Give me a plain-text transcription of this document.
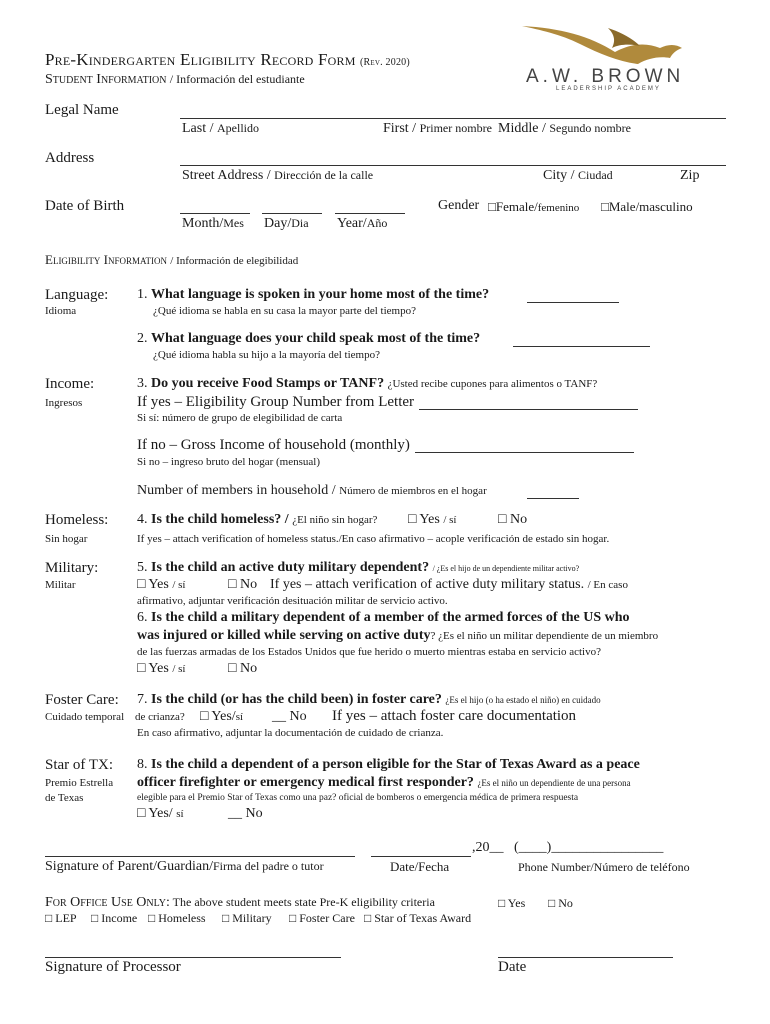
Pre-Kindergarten Eligibility Record Form (Rev. 2020)
Student Information / Información del estudiante	A.W. BROWN
LEADERSHIP ACADEMY
Legal Name
Last / Apellido	First / Primer nombre Middle / Segundo nombre
Address
Street Address / Dirección de la calle	City / Ciudad	Zip
Date of Birth
Month/Mes Day/Dia Year/Año
Gender □Female/femenino □Male/masculino
Eligibility Information / Información de elegibilidad
Language:
Idioma
1. What language is spoken in your home most of the time?
¿Qué idioma se habla en su casa la mayor parte del tiempo?
2. What language does your child speak most of the time?
¿Qué idioma habla su hijo a la mayoría del tiempo?
Income:
Ingresos
3. Do you receive Food Stamps or TANF? ¿Usted recibe cupones para alimentos o TANF?
If yes – Eligibility Group Number from Letter
Si sí: número de grupo de elegibilidad de carta
If no – Gross Income of household (monthly)
Si no – ingreso bruto del hogar (mensual)
Number of members in household / Número de miembros en el hogar
Homeless:
Sin hogar
4. Is the child homeless? / ¿El niño sin hogar? □ Yes / sí	□ No
If yes – attach verification of homeless status./En caso afirmativo – acople verificación de estado sin hogar.
Military:
Militar
5. Is the child an active duty military dependent? / ¿Es el hijo de un dependiente militar activo?
□ Yes / sí	□ No If yes – attach verification of active duty military status. / En caso
afirmativo, adjuntar verificación desituación militar de servicio activo.
6. Is the child a military dependent of a member of the armed forces of the US who
was injured or killed while serving on active duty? ¿Es el niño un militar dependiente de un miembro
de las fuerzas armadas de los Estados Unidos que fue herido o muerto mientras estaba en servicio activo?
□ Yes / sí	□ No
Foster Care: 7. Is the child (or has the child been) in foster care? ¿Es el hijo (o ha estado el niño) en cuidado
Cuidado temporal de crianza? □ Yes/sí __ No If yes – attach foster care documentation
En caso afirmativo, adjuntar la documentación de cuidado de crianza.
Star of TX:
Premio Estrella
de Texas
8. Is the child a dependent of a person eligible for the Star of Texas Award as a peace
officer firefighter or emergency medical first responder? ¿Es el niño un dependiente de una persona
elegible para el Premio Star of Texas como una paz? oficial de bomberos o emergencia médica de primera respuesta
□ Yes/ sí	__ No
,20__ (____)________________
Signature of Parent/Guardian/Firma del padre o tutor	Date/Fecha	Phone Number/Número de teléfono
For Office Use Only: The above student meets state Pre-K eligibility criteria	□ Yes □ No
□ LEP □ Income □ Homeless □ Military □ Foster Care □ Star of Texas Award
Signature of Processor	Date
